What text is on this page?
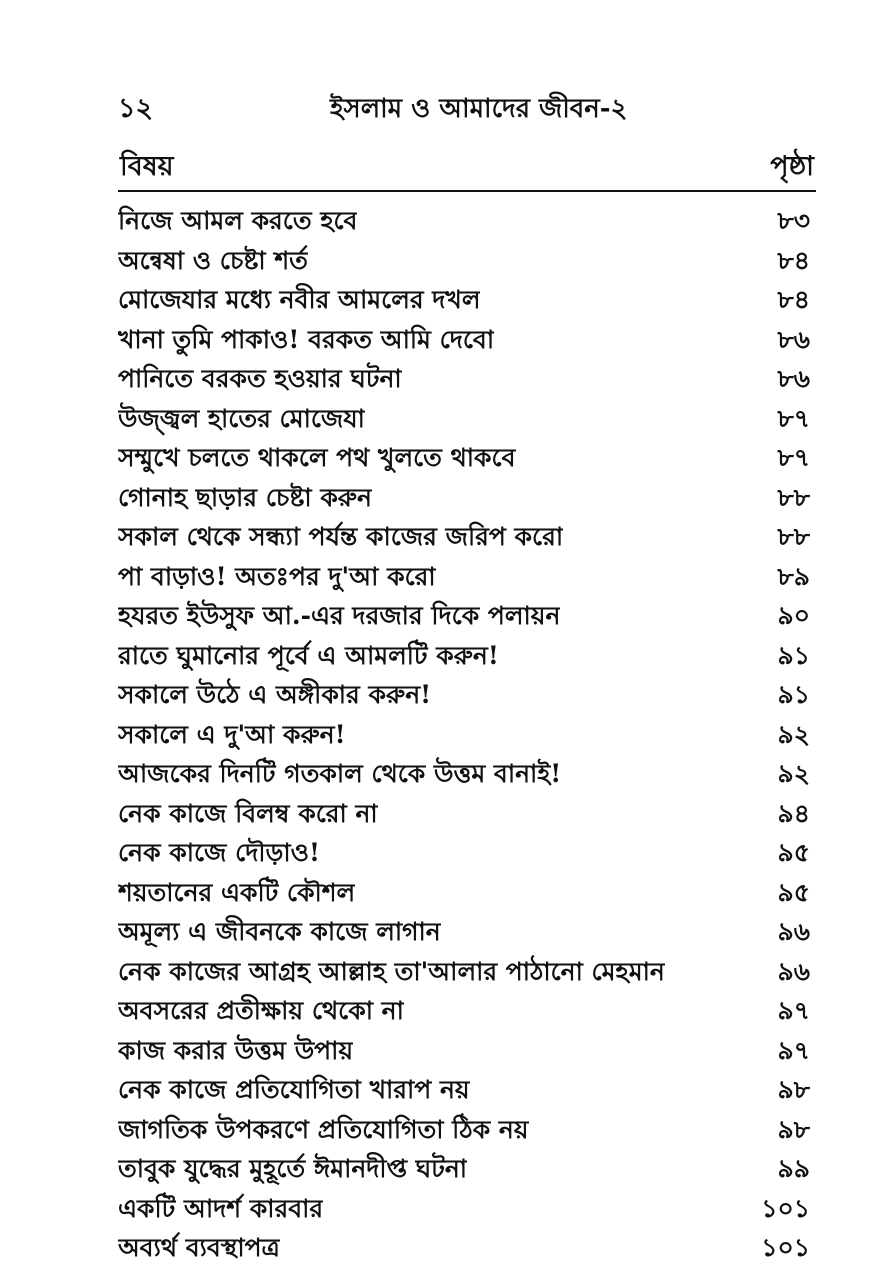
১২	ইসলাম ও আমাদের জীবন-২
বিষয়	পৃষ্ঠা
নিজে আমল করতে হবে	৮৩
অন্বেষা ও চেষ্টা শর্ত	৮৪
মোজেযার মধ্যে নবীর আমলের দখল	৮৪
খানা তুমি পাকাও! বরকত আমি দেবো	৮৬
পানিতে বরকত হওয়ার ঘটনা	৮৬
উজ্জ্বল হাতের মোজেযা	৮৭
সম্মুখে চলতে থাকলে পথ খুলতে থাকবে	৮৭
গোনাহ ছাড়ার চেষ্টা করুন	৮৮
সকাল থেকে সন্ধ্যা পর্যন্ত কাজের জরিপ করো	৮৮
পা বাড়াও! অতঃপর দু'আ করো	৮৯
হযরত ইউসুফ আ.-এর দরজার দিকে পলায়ন	৯০
রাতে ঘুমানোর পূর্বে এ আমলটি করুন!	৯১
সকালে উঠে এ অঙ্গীকার করুন!	৯১
সকালে এ দু'আ করুন!	৯২
আজকের দিনটি গতকাল থেকে উত্তম বানাই!	৯২
নেক কাজে বিলম্ব করো না	৯৪
নেক কাজে দৌড়াও!	৯৫
শয়তানের একটি কৌশল	৯৫
অমূল্য এ জীবনকে কাজে লাগান	৯৬
নেক কাজের আগ্রহ আল্লাহ তা'আলার পাঠানো মেহমান	৯৬
অবসরের প্রতীক্ষায় থেকো না	৯৭
কাজ করার উত্তম উপায়	৯৭
নেক কাজে প্রতিযোগিতা খারাপ নয়	৯৮
জাগতিক উপকরণে প্রতিযোগিতা ঠিক নয়	৯৮
তাবুক যুদ্ধের মুহূর্তে ঈমানদীপ্ত ঘটনা	৯৯
একটি আদর্শ কারবার	১০১
অব্যর্থ ব্যবস্থাপত্র	১০১
